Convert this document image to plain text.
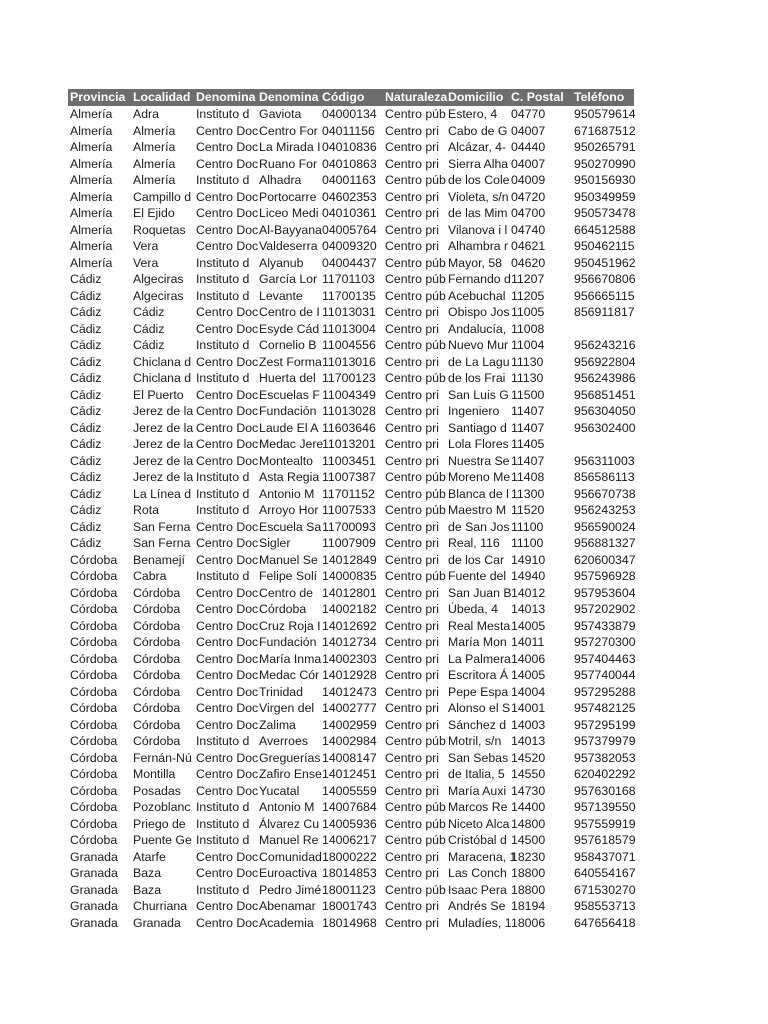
Provincia	Localidad	Denomina	Denomina	Código	Naturaleza	Domicilio	C. Postal	Teléfono
Almería	Adra	Instituto d	Gaviota	04000134	Centro púb	Estero, 4	04770	950579614
Almería	Almería	Centro Doc	Centro For	04011156	Centro pri	Cabo de G	04007	671687512
Almería	Almería	Centro Doc	La Mirada I	04010836	Centro pri	Alcázar, 4-	04440	950265791
Almería	Almería	Centro Doc	Ruano For	04010863	Centro pri	Sierra Alha	04007	950270990
Almería	Almería	Instituto d	Alhadra	04001163	Centro púb	de los Cole	04009	950156930
Almería	Campillo d	Centro Doc	Portocarre	04602353	Centro pri	Violeta, s/n	04720	950349959
Almería	El Ejido	Centro Doc	Liceo Medi	04010361	Centro pri	de las Mim	04700	950573478
Almería	Roquetas	Centro Doc	Al-Bayyana	04005764	Centro pri	Vilanova i l	04740	664512588
Almería	Vera	Centro Doc	Valdeserra	04009320	Centro pri	Alhambra r	04621	950462115
Almería	Vera	Instituto d	Alyanub	04004437	Centro púb	Mayor, 58	04620	950451962
Cádiz	Algeciras	Instituto d	García Lor	11701103	Centro púb	Fernando d	11207	956670806
Cádiz	Algeciras	Instituto d	Levante	11700135	Centro púb	Acebuchal	11205	956665115
Cádiz	Cádiz	Centro Doc	Centro de I	11013031	Centro pri	Obispo Jos	11005	856911817
Cádiz	Cádiz	Centro Doc	Esyde Cád	11013004	Centro pri	Andalucía,	11008	
Cádiz	Cádiz	Instituto d	Cornelio B	11004556	Centro púb	Nuevo Mur	11004	956243216
Cádiz	Chiclana d	Centro Doc	Zest Forma	11013016	Centro pri	de La Lagu	11130	956922804
Cádiz	Chiclana d	Instituto d	Huerta del	11700123	Centro púb	de los Frai	11130	956243986
Cádiz	El Puerto	Centro Doc	Escuelas F	11004349	Centro pri	San Luis G	11500	956851451
Cádiz	Jerez de la	Centro Doc	Fundación	11013028	Centro pri	Ingeniero	11407	956304050
Cádiz	Jerez de la	Centro Doc	Laude El A	11603646	Centro pri	Santiago d	11407	956302400
Cádiz	Jerez de la	Centro Doc	Medac Jere	11013201	Centro pri	Lola Flores	11405	
Cádiz	Jerez de la	Centro Doc	Montealto	11003451	Centro pri	Nuestra Se	11407	956311003
Cádiz	Jerez de la	Instituto d	Asta Regia	11007387	Centro púb	Moreno Me	11408	856586113
Cádiz	La Línea d	Instituto d	Antonio M	11701152	Centro púb	Blanca de l	11300	956670738
Cádiz	Rota	Instituto d	Arroyo Hor	11007533	Centro púb	Maestro M	11520	956243253
Cádiz	San Ferna	Centro Doc	Escuela Sa	11700093	Centro pri	de San Jos	11100	956590024
Cádiz	San Ferna	Centro Doc	Sigler	11007909	Centro pri	Real, 116	11100	956881327
Córdoba	Benamejí	Centro Doc	Manuel Se	14012849	Centro pri	de los Car	14910	620600347
Córdoba	Cabra	Instituto d	Felipe Solí	14000835	Centro púb	Fuente del	14940	957596928
Córdoba	Córdoba	Centro Doc	Centro de	14012801	Centro pri	San Juan B	14012	957953604
Córdoba	Córdoba	Centro Doc	Córdoba	14002182	Centro pri	Úbeda, 4	14013	957202902
Córdoba	Córdoba	Centro Doc	Cruz Roja I	14012692	Centro pri	Real Mesta	14005	957433879
Córdoba	Córdoba	Centro Doc	Fundación	14012734	Centro pri	María Mon	14011	957270300
Córdoba	Córdoba	Centro Doc	María Inma	14002303	Centro pri	La Palmera	14006	957404463
Córdoba	Córdoba	Centro Doc	Medac Cór	14012928	Centro pri	Escritora Á	14005	957740044
Córdoba	Córdoba	Centro Doc	Trinidad	14012473	Centro pri	Pepe Espa	14004	957295288
Córdoba	Córdoba	Centro Doc	Virgen del	14002777	Centro pri	Alonso el S	14001	957482125
Córdoba	Córdoba	Centro Doc	Zalima	14002959	Centro pri	Sánchez d	14003	957295199
Córdoba	Córdoba	Instituto d	Averroes	14002984	Centro púb	Motril, s/n	14013	957379979
Córdoba	Fernán-Nú	Centro Doc	Greguerías	14008147	Centro pri	San Sebas	14520	957382053
Córdoba	Montilla	Centro Doc	Zafiro Ense	14012451	Centro pri	de Italia, 5	14550	620402292
Córdoba	Posadas	Centro Doc	Yucatal	14005559	Centro pri	María Auxi	14730	957630168
Córdoba	Pozoblanc	Instituto d	Antonio M	14007684	Centro púb	Marcos Re	14400	957139550
Córdoba	Priego de	Instituto d	Álvarez Cu	14005936	Centro púb	Niceto Alca	14800	957559919
Córdoba	Puente Ge	Instituto d	Manuel Re	14006217	Centro púb	Cristóbal d	14500	957618579
Granada	Atarfe	Centro Doc	Comunidad	18000222	Centro pri	Maracena, 1	18230	958437071
Granada	Baza	Centro Doc	Euroactiva	18014853	Centro pri	Las Conch	18800	640554167
Granada	Baza	Instituto d	Pedro Jimé	18001123	Centro púb	Isaac Pera	18800	671530270
Granada	Churriana	Centro Doc	Abenamar	18001743	Centro pri	Andrés Se	18194	958553713
Granada	Granada	Centro Doc	Academia	18014968	Centro pri	Muladíes, 1	18006	647656418
